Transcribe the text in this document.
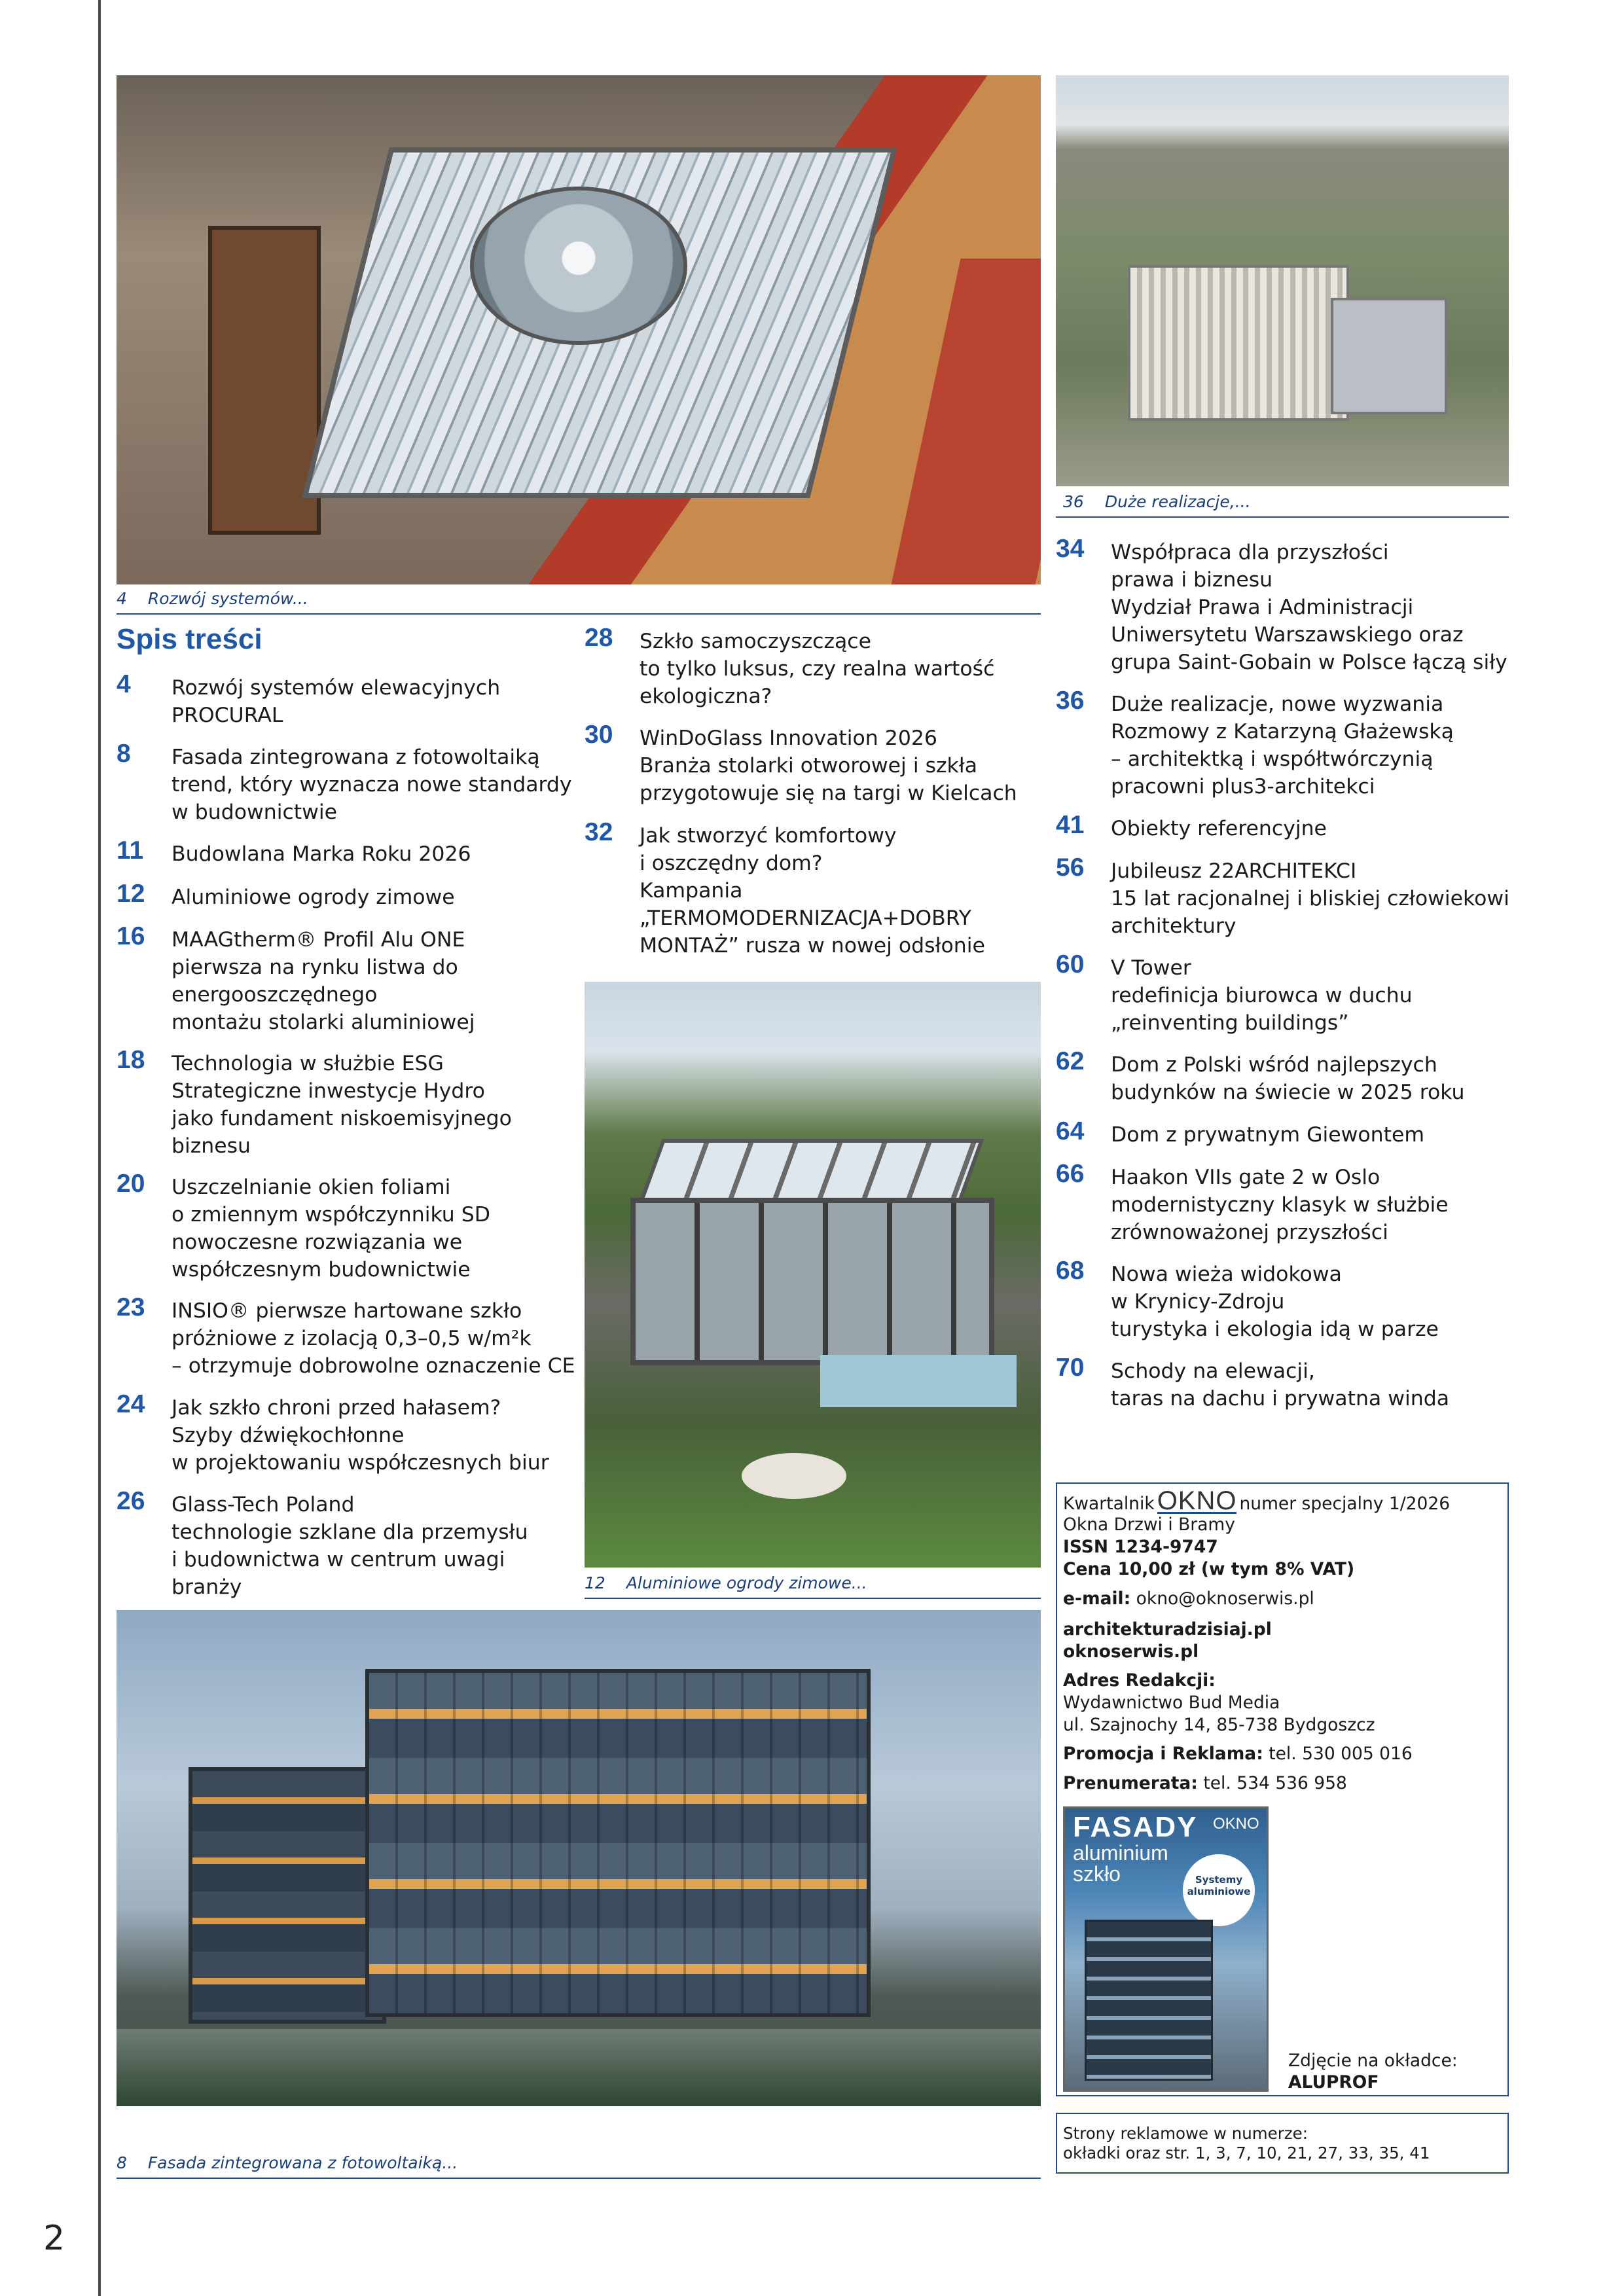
2
4 Rozwój systemów...
36 Duże realizacje,...
Spis treści
4 Rozwój systemów elewacyjnych
PROCURAL
8 Fasada zintegrowana z fotowoltaiką
trend, który wyznacza nowe standardy
w budownictwie
11 Budowlana Marka Roku 2026
12 Aluminiowe ogrody zimowe
16 MAAGtherm® Profil Alu ONE
pierwsza na rynku listwa do
energooszczędnego
montażu stolarki aluminiowej
18 Technologia w służbie ESG
Strategiczne inwestycje Hydro
jako fundament niskoemisyjnego
biznesu
20 Uszczelnianie okien foliami
o zmiennym współczynniku SD
nowoczesne rozwiązania we
współczesnym budownictwie
23 INSIO® pierwsze hartowane szkło
próżniowe z izolacją 0,3–0,5 w/m²k
– otrzymuje dobrowolne oznaczenie CE
24 Jak szkło chroni przed hałasem?
Szyby dźwiękochłonne
w projektowaniu współczesnych biur
26 Glass-Tech Poland
technologie szklane dla przemysłu
i budownictwa w centrum uwagi
branży
28 Szkło samoczyszczące
to tylko luksus, czy realna wartość
ekologiczna?
30 WinDoGlass Innovation 2026
Branża stolarki otworowej i szkła
przygotowuje się na targi w Kielcach
32 Jak stworzyć komfortowy
i oszczędny dom?
Kampania
„TERMOMODERNIZACJA+DOBRY
MONTAŻ” rusza w nowej odsłonie
34 Współpraca dla przyszłości
prawa i biznesu
Wydział Prawa i Administracji
Uniwersytetu Warszawskiego oraz
grupa Saint-Gobain w Polsce łączą siły
36 Duże realizacje, nowe wyzwania
Rozmowy z Katarzyną Głażewską
– architektką i współtwórczynią
pracowni plus3-architekci
41 Obiekty referencyjne
56 Jubileusz 22ARCHITEKCI
15 lat racjonalnej i bliskiej człowiekowi
architektury
60 V Tower
redefinicja biurowca w duchu
„reinventing buildings”
62 Dom z Polski wśród najlepszych
budynków na świecie w 2025 roku
64 Dom z prywatnym Giewontem
66 Haakon VIIs gate 2 w Oslo
modernistyczny klasyk w służbie
zrównoważonej przyszłości
68 Nowa wieża widokowa
w Krynicy-Zdroju
turystyka i ekologia idą w parze
70 Schody na elewacji,
taras na dachu i prywatna winda
12 Aluminiowe ogrody zimowe...
8 Fasada zintegrowana z fotowoltaiką...
Kwartalnik OKNO numer specjalny 1/2026
Okna Drzwi i Bramy
ISSN 1234-9747
Cena 10,00 zł (w tym 8% VAT)
e-mail: okno@oknoserwis.pl
architekturadzisiaj.pl
oknoserwis.pl
Adres Redakcji:
Wydawnictwo Bud Media
ul. Szajnochy 14, 85-738 Bydgoszcz
Promocja i Reklama: tel. 530 005 016
Prenumerata: tel. 534 536 958
FASADY OKNO
aluminium szkło	Systemy aluminiowe
Zdjęcie na okładce:
ALUPROF
Strony reklamowe w numerze:
okładki oraz str. 1, 3, 7, 10, 21, 27, 33, 35, 41
